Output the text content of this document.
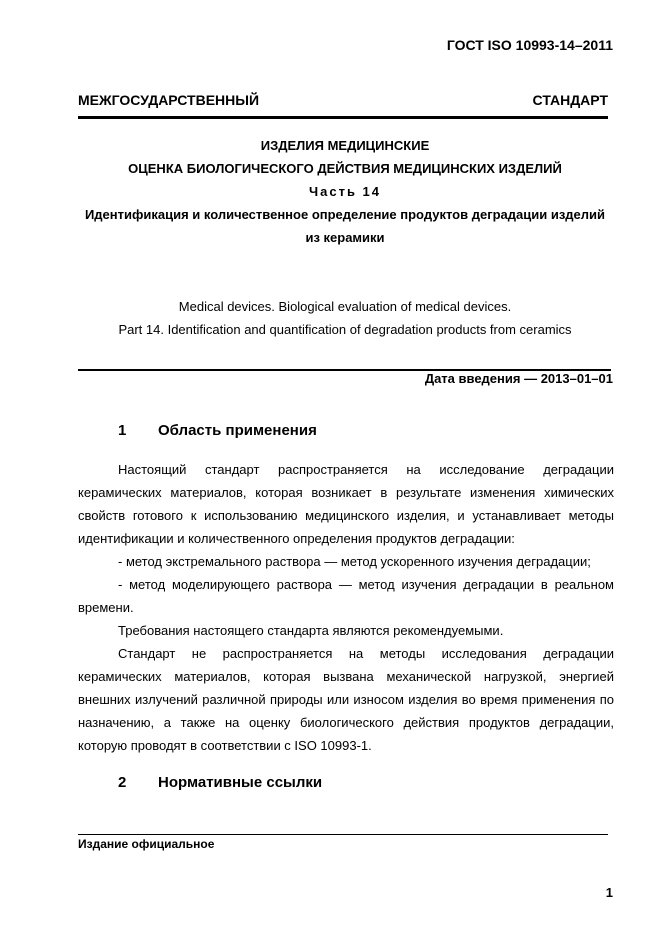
ГОСТ ISO 10993-14–2011
МЕЖГОСУДАРСТВЕННЫЙ СТАНДАРТ
ИЗДЕЛИЯ МЕДИЦИНСКИЕ
ОЦЕНКА БИОЛОГИЧЕСКОГО ДЕЙСТВИЯ МЕДИЦИНСКИХ ИЗДЕЛИЙ
Часть 14
Идентификация и количественное определение продуктов деградации изделий
из керамики
Medical devices. Biological evaluation of medical devices.
Part 14. Identification and quantification of degradation products from ceramics
Дата введения — 2013–01–01
1 Область применения

Настоящий стандарт распространяется на исследование деградации керамических материалов, которая возникает в результате изменения химических свойств готового к использованию медицинского изделия, и устанавливает методы идентификации и количественного определения продуктов деградации:

- метод экстремального раствора — метод ускоренного изучения деградации;

- метод моделирующего раствора — метод изучения деградации в реальном времени.

Требования настоящего стандарта являются рекомендуемыми.

Стандарт не распространяется на методы исследования деградации керамических материалов, которая вызвана механической нагрузкой, энергией внешних излучений различной природы или износом изделия во время применения по назначению, а также на оценку биологического действия продуктов деградации, которую проводят в соответствии с ISO 10993-1.

2 Нормативные ссылки
Издание официальное
1
